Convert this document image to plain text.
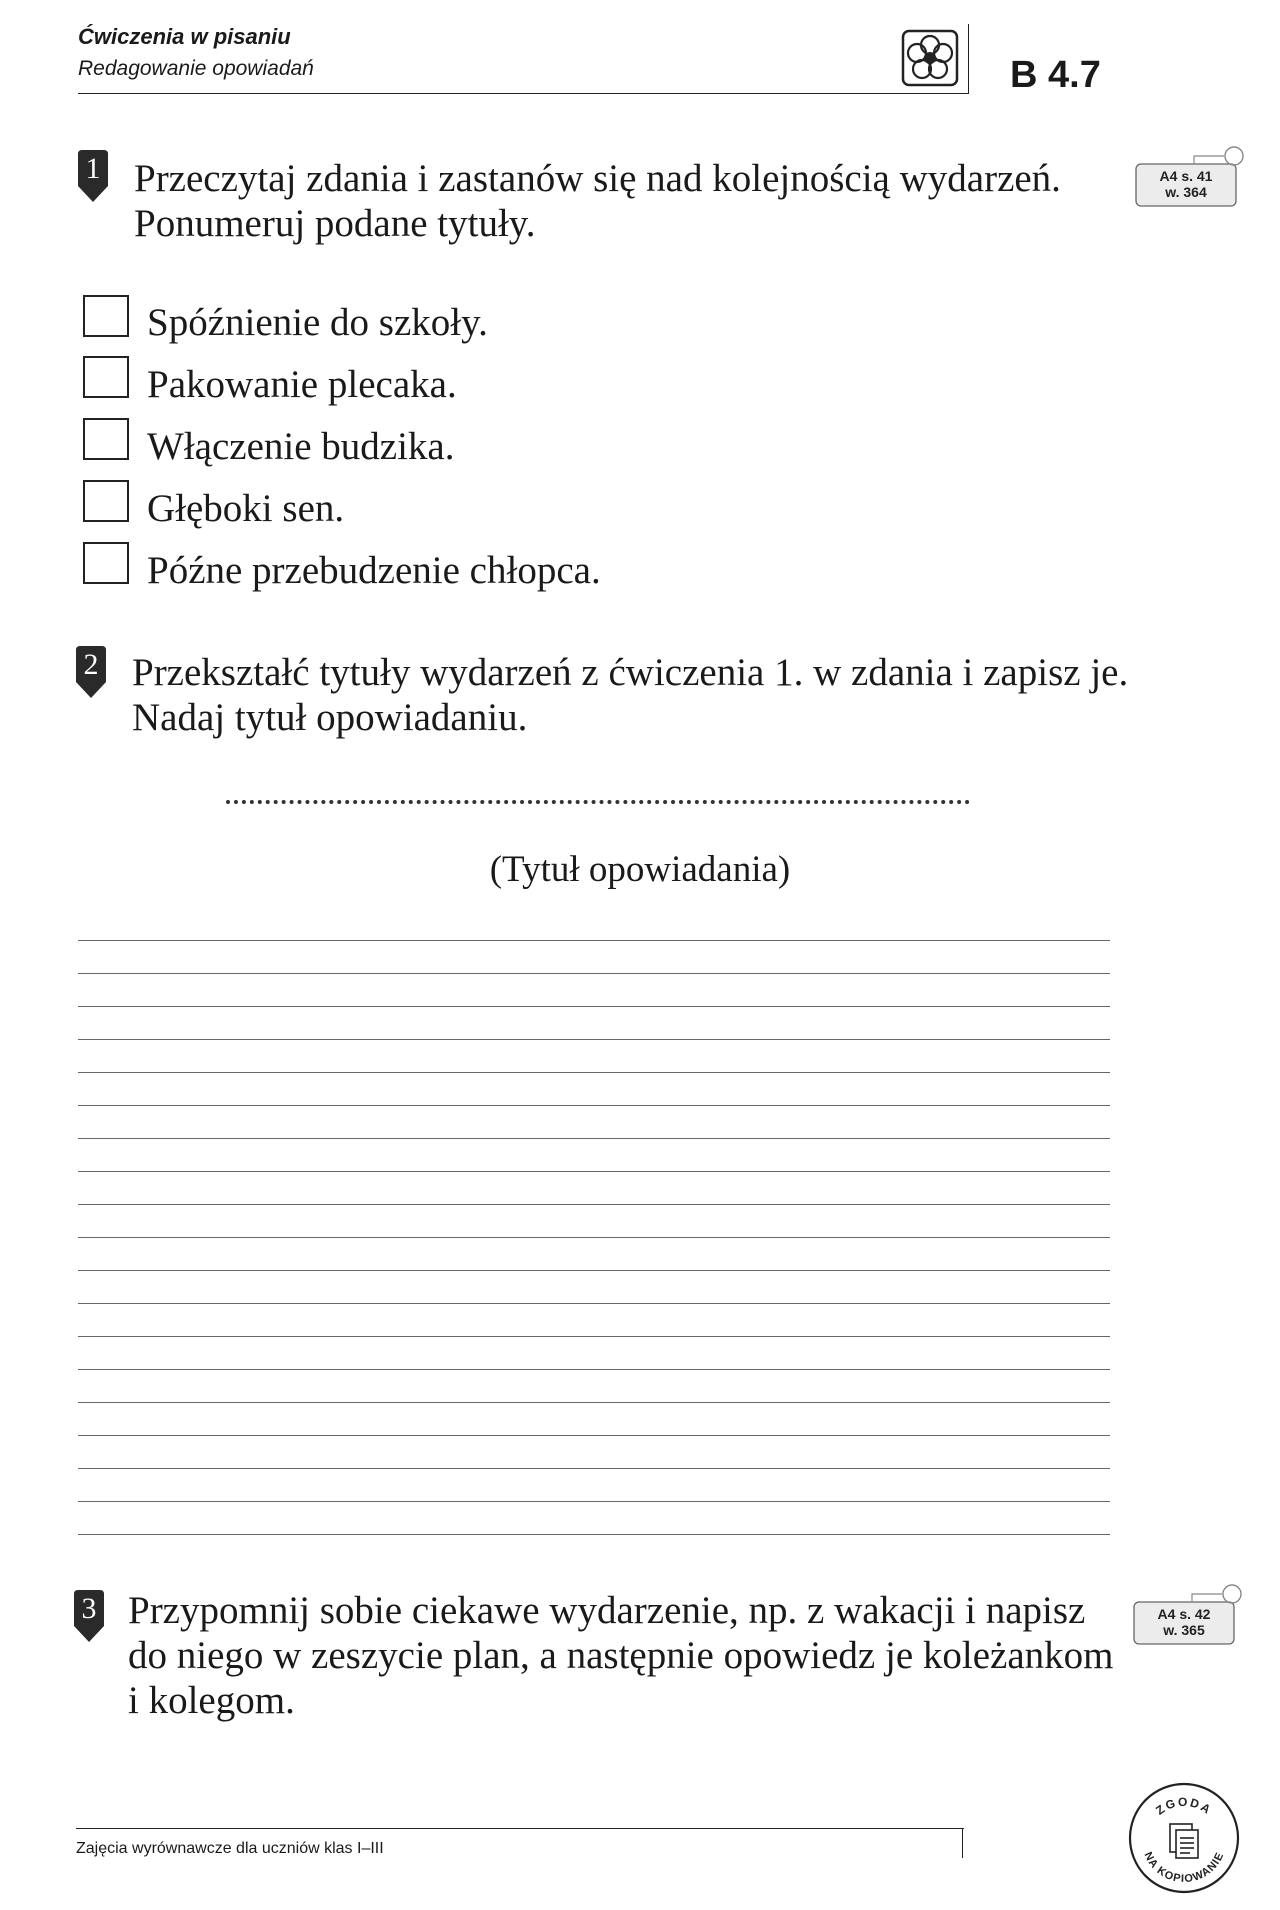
Ćwiczenia w pisaniu
Redagowanie opowiadań	B 4.7
1 Przeczytaj zdania i zastanów się nad kolejnością wydarzeń.
Ponumeruj podane tytuły.
A4 s. 41
w. 364
Spóźnienie do szkoły.
Pakowanie plecaka.
Włączenie budzika.
Głęboki sen.
Późne przebudzenie chłopca.
2 Przekształć tytuły wydarzeń z ćwiczenia 1. w zdania i zapisz je.
Nadaj tytuł opowiadaniu.
(Tytuł opowiadania)
3 Przypomnij sobie ciekawe wydarzenie, np. z wakacji i napisz
do niego w zeszycie plan, a następnie opowiedz je koleżankom
i kolegom.
A4 s. 42
w. 365
Zajęcia wyrównawcze dla uczniów klas I–III
ZGODA
NA KOPIOWANIE
